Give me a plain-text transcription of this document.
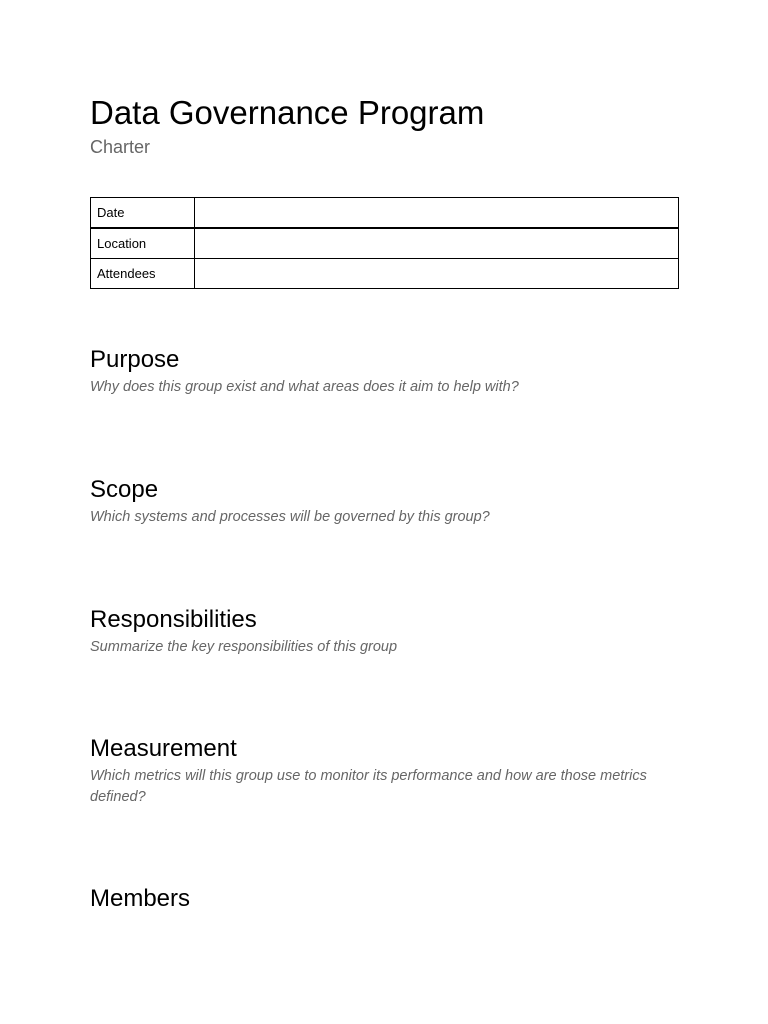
Data Governance Program
Charter
Date	
Location	
Attendees	
Purpose

Why does this group exist and what areas does it aim to help with?

Scope

Which systems and processes will be governed by this group?

Responsibilities

Summarize the key responsibilities of this group

Measurement

Which metrics will this group use to monitor its performance and how are those metrics defined?

Members
